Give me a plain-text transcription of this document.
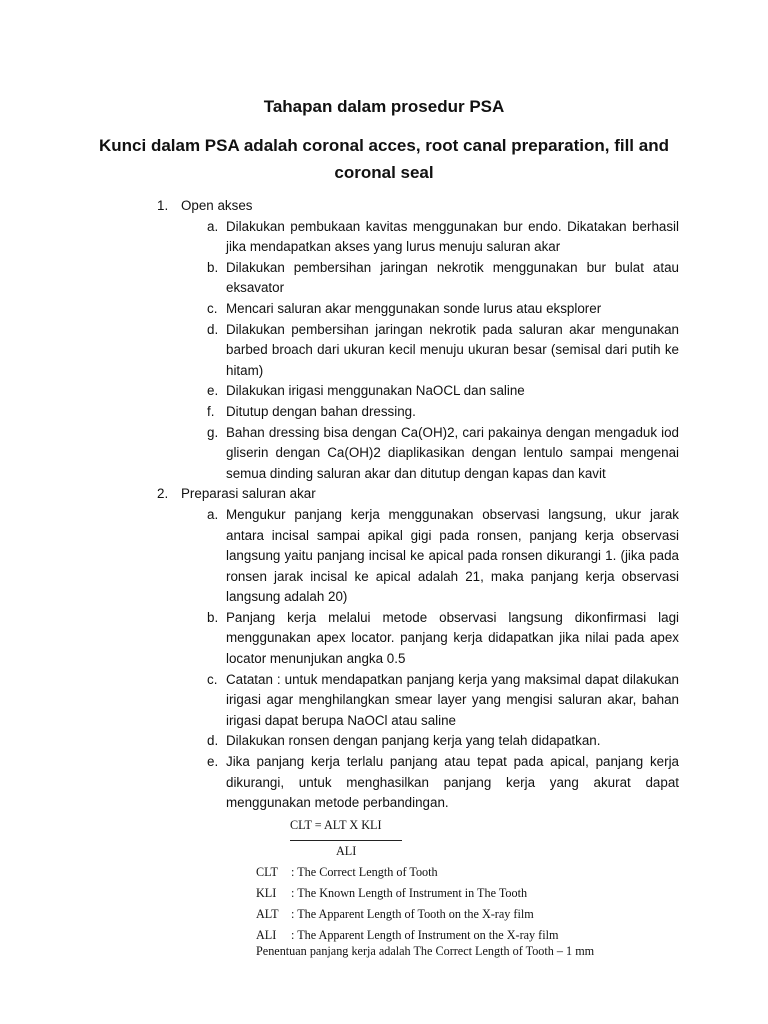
Tahapan dalam prosedur PSA
Kunci dalam PSA adalah coronal acces, root canal preparation, fill and
coronal seal
1. Open akses
a. Dilakukan pembukaan kavitas menggunakan bur endo. Dikatakan berhasil jika mendapatkan akses yang lurus menuju saluran akar
b. Dilakukan pembersihan jaringan nekrotik menggunakan bur bulat atau eksavator
c. Mencari saluran akar menggunakan sonde lurus atau eksplorer
d. Dilakukan pembersihan jaringan nekrotik pada saluran akar mengunakan barbed broach dari ukuran kecil menuju ukuran besar (semisal dari putih ke hitam)
e. Dilakukan irigasi menggunakan NaOCL dan saline
f. Ditutup dengan bahan dressing.
g. Bahan dressing bisa dengan Ca(OH)2, cari pakainya dengan mengaduk iod gliserin dengan Ca(OH)2 diaplikasikan dengan lentulo sampai mengenai semua dinding saluran akar dan ditutup dengan kapas dan kavit
2. Preparasi saluran akar
a. Mengukur panjang kerja menggunakan observasi langsung, ukur jarak antara incisal sampai apikal gigi pada ronsen, panjang kerja observasi langsung yaitu panjang incisal ke apical pada ronsen dikurangi 1. (jika pada ronsen jarak incisal ke apical adalah 21, maka panjang kerja observasi langsung adalah 20)
b. Panjang kerja melalui metode observasi langsung dikonfirmasi lagi menggunakan apex locator. panjang kerja didapatkan jika nilai pada apex locator menunjukan angka 0.5
c. Catatan : untuk mendapatkan panjang kerja yang maksimal dapat dilakukan irigasi agar menghilangkan smear layer yang mengisi saluran akar, bahan irigasi dapat berupa NaOCl atau saline
d. Dilakukan ronsen dengan panjang kerja yang telah didapatkan.
e. Jika panjang kerja terlalu panjang atau tepat pada apical, panjang kerja dikurangi, untuk menghasilkan panjang kerja yang akurat dapat menggunakan metode perbandingan.
CLT = ALT X KLI
ALI
CLT : The Correct Length of Tooth
KLI : The Known Length of Instrument in The Tooth
ALT : The Apparent Length of Tooth on the X-ray film
ALI : The Apparent Length of Instrument on the X-ray film
Penentuan panjang kerja adalah The Correct Length of Tooth – 1 mm
